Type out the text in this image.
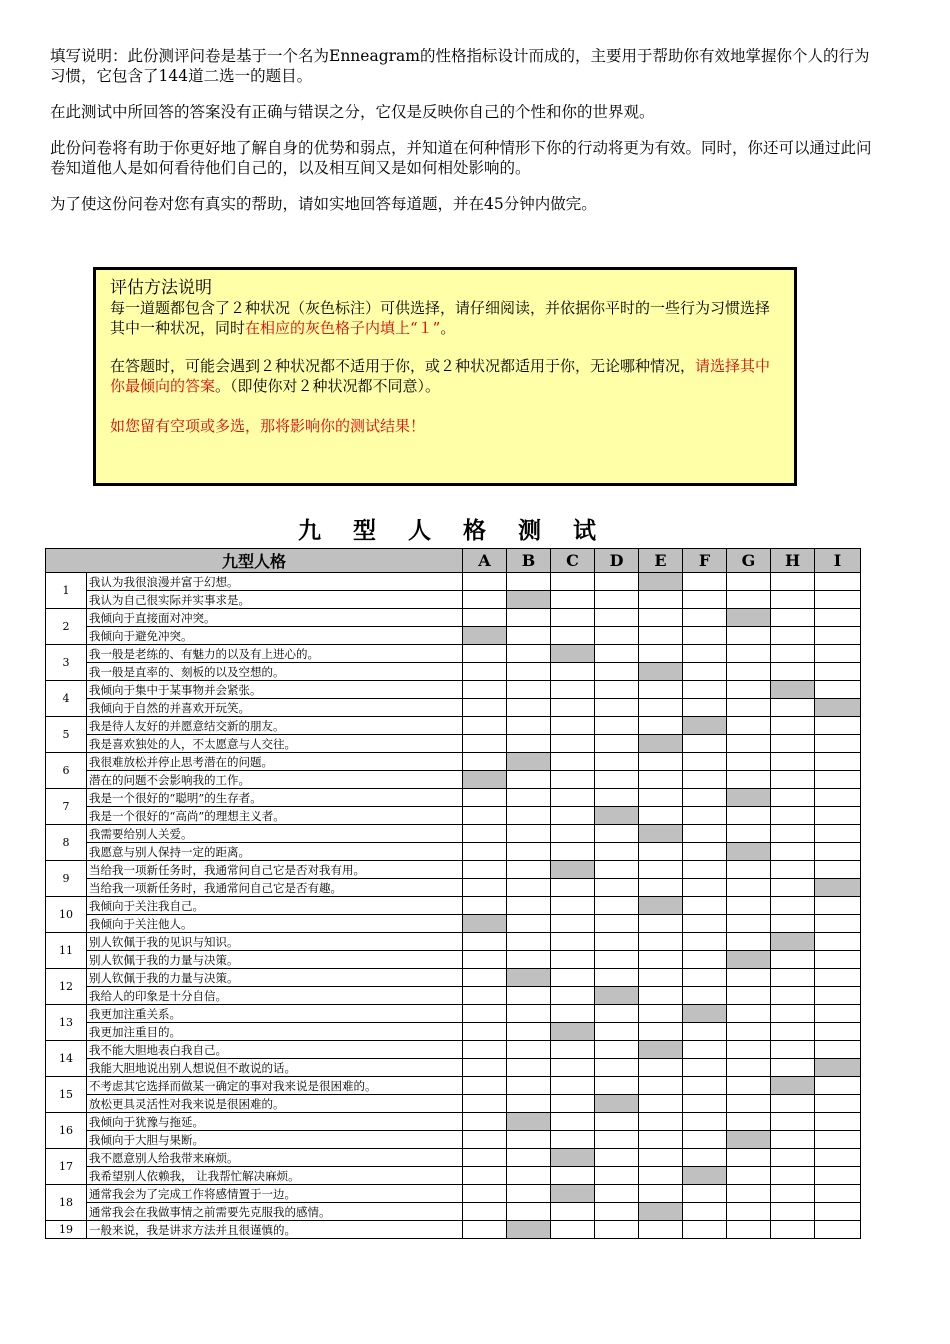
填写说明：此份测评问卷是基于一个名为Enneagram的性格指标设计而成的，主要用于帮助你有效地掌握你个人的行为习惯，它包含了144道二选一的题目。

在此测试中所回答的答案没有正确与错误之分，它仅是反映你自己的个性和你的世界观。

此份问卷将有助于你更好地了解自身的优势和弱点，并知道在何种情形下你的行动将更为有效。同时，你还可以通过此问卷知道他人是如何看待他们自己的，以及相互间又是如何相处影响的。

为了使这份问卷对您有真实的帮助，请如实地回答每道题，并在45分钟内做完。

评估方法说明

每一道题都包含了２种状况（灰色标注）可供选择，请仔细阅读，并依据你平时的一些行为习惯选择其中一种状况，同时在相应的灰色格子内填上“１”。

在答题时，可能会遇到２种状况都不适用于你，或２种状况都适用于你，无论哪种情况，请选择其中你最倾向的答案。（即使你对２种状况都不同意）。

如您留有空项或多选，那将影响你的测试结果！

九 型 人 格 测 试
九型人格		A	B	C	D	E	F	G	H	I
1	我认为我很浪漫并富于幻想。									
	我认为自己很实际并实事求是。									
2	我倾向于直接面对冲突。									
	我倾向于避免冲突。									
3	我一般是老练的、有魅力的以及有上进心的。									
	我一般是直率的、刻板的以及空想的。									
4	我倾向于集中于某事物并会紧张。									
	我倾向于自然的并喜欢开玩笑。									
5	我是待人友好的并愿意结交新的朋友。									
	我是喜欢独处的人，不太愿意与人交往。									
6	我很难放松并停止思考潜在的问题。									
	潜在的问题不会影响我的工作。									
7	我是一个很好的“聪明”的生存者。									
	我是一个很好的“高尚”的理想主义者。									
8	我需要给别人关爱。									
	我愿意与别人保持一定的距离。									
9	当给我一项新任务时，我通常问自己它是否对我有用。									
	当给我一项新任务时，我通常问自己它是否有趣。									
10	我倾向于关注我自己。									
	我倾向于关注他人。									
11	别人钦佩于我的见识与知识。									
	别人钦佩于我的力量与决策。									
12	别人钦佩于我的力量与决策。									
	我给人的印象是十分自信。									
13	我更加注重关系。									
	我更加注重目的。									
14	我不能大胆地表白我自己。									
	我能大胆地说出别人想说但不敢说的话。									
15	不考虑其它选择而做某一确定的事对我来说是很困难的。									
	放松更具灵活性对我来说是很困难的。									
16	我倾向于犹豫与拖延。									
	我倾向于大胆与果断。									
17	我不愿意别人给我带来麻烦。									
	我希望别人依赖我， 让我帮忙解决麻烦。									
18	通常我会为了完成工作将感情置于一边。									
	通常我会在我做事情之前需要先克服我的感情。									
19	一般来说，我是讲求方法并且很谨慎的。									
